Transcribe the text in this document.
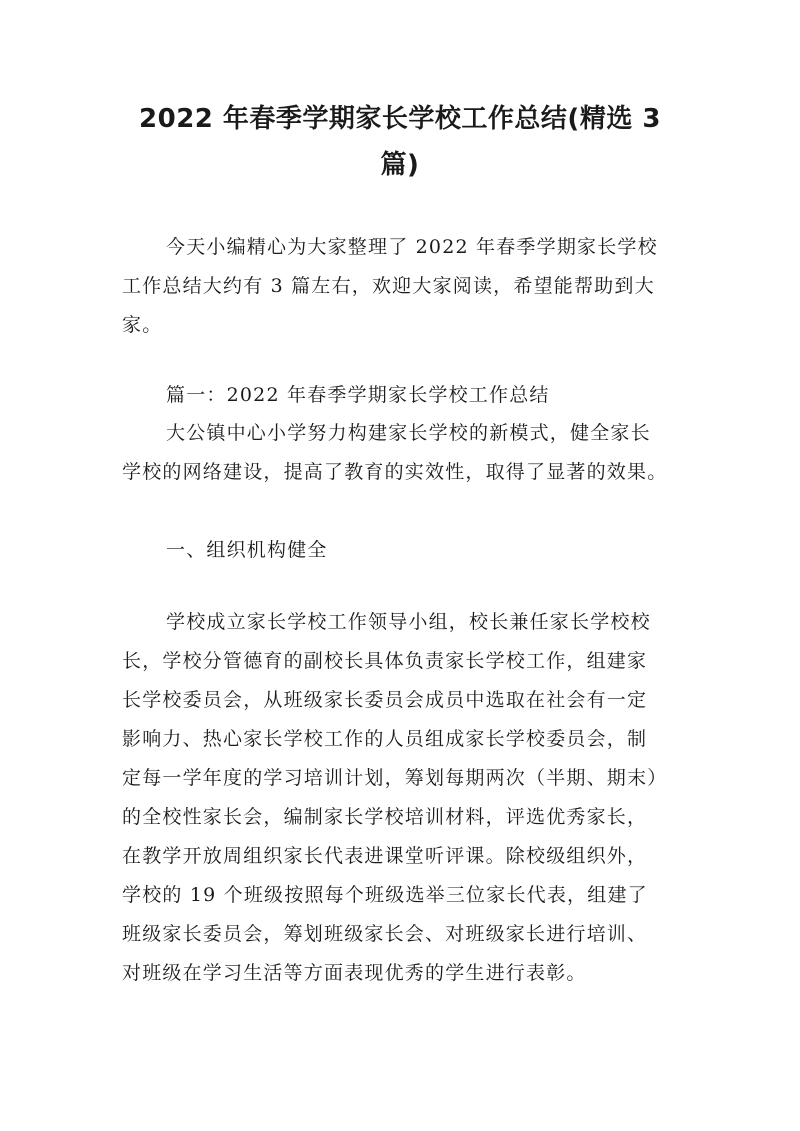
2022 年春季学期家长学校工作总结(精选 3
篇)

今天小编精心为大家整理了 2022 年春季学期家长学校
工作总结大约有 3 篇左右，欢迎大家阅读，希望能帮助到大
家。

篇一：2022 年春季学期家长学校工作总结

大公镇中心小学努力构建家长学校的新模式，健全家长
学校的网络建设，提高了教育的实效性，取得了显著的效果。

一、组织机构健全

学校成立家长学校工作领导小组，校长兼任家长学校校
长，学校分管德育的副校长具体负责家长学校工作，组建家
长学校委员会，从班级家长委员会成员中选取在社会有一定
影响力、热心家长学校工作的人员组成家长学校委员会，制
定每一学年度的学习培训计划，筹划每期两次（半期、期末）
的全校性家长会，编制家长学校培训材料，评选优秀家长，
在教学开放周组织家长代表进课堂听评课。除校级组织外，
学校的 19 个班级按照每个班级选举三位家长代表，组建了
班级家长委员会，筹划班级家长会、对班级家长进行培训、
对班级在学习生活等方面表现优秀的学生进行表彰。
